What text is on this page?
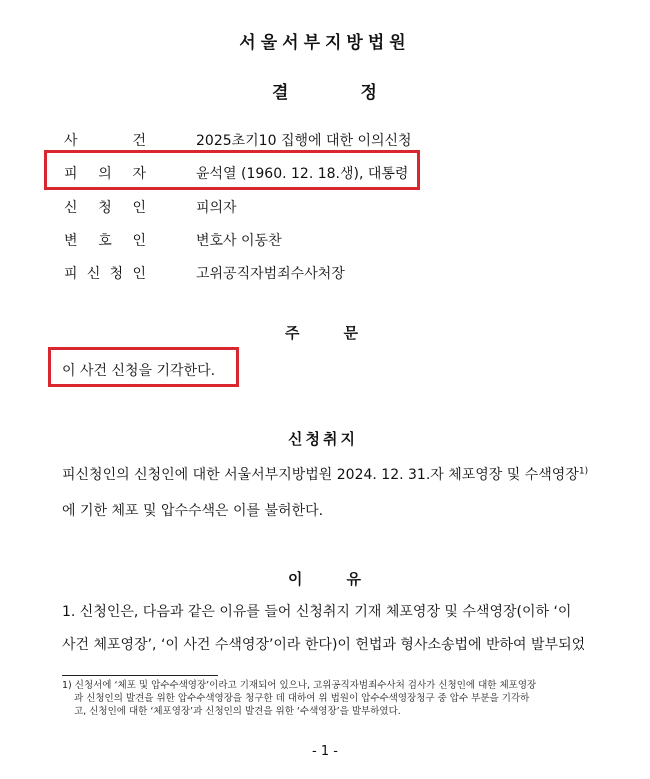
서울서부지방법원
결	정
사	건	2025초기10 집행에 대한 이의신청
피 의 자	윤석열 (1960. 12. 18.생), 대통령
신 청 인	피의자
변 호 인	변호사 이동찬
피 신 청 인	고위공직자범죄수사처장
주	문
이 사건 신청을 기각한다.
신청취지
피신청인의 신청인에 대한 서울서부지방법원 2024. 12. 31.자 체포영장 및 수색영장$^{1)}$
에 기한 체포 및 압수수색은 이를 불허한다.
이	유
1. 신청인은, 다음과 같은 이유를 들어 신청취지 기재 체포영장 및 수색영장(이하 ‘이
사건 체포영장’, ‘이 사건 수색영장’이라 한다)이 헌법과 형사소송법에 반하여 발부되었
1) 신청서에 ‘체포 및 압수수색영장’이라고 기재되어 있으나, 고위공직자범죄수사처 검사가 신청인에 대한 체포영장
과 신청인의 발견을 위한 압수수색영장을 청구한 데 대하여 위 법원이 압수수색영장청구 중 압수 부분을 기각하
고, 신청인에 대한 ‘체포영장’과 신청인의 발견을 위한 ‘수색영장’을 발부하였다.
- 1 -
